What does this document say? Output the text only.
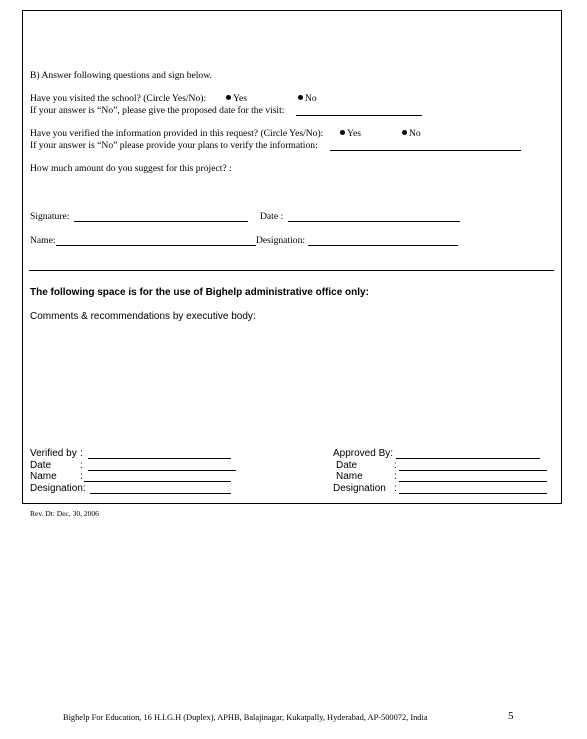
B) Answer following questions and sign below.
Have you visited the school? (Circle Yes/No):	Yes	No
If your answer is “No”, please give the proposed date for the visit:
Have you verified the information provided in this request? (Circle Yes/No):	Yes	No
If your answer is “No” please provide your plans to verify the information:
How much amount do you suggest for this project? :
Signature:	Date :
Name:	Designation:
The following space is for the use of Bighelp administrative office only:
Comments & recommendations by executive body:
Verified by :
Date	:
Name :
Designation:
Approved By:
Date	:
Name	:
Designation :
Rev. Dt: Dec, 30, 2006
Bighelp For Education, 16 H.I.G.H (Duplex), APHB, Balajinagar, Kukatpally, Hyderabad, AP-500072, India	5
